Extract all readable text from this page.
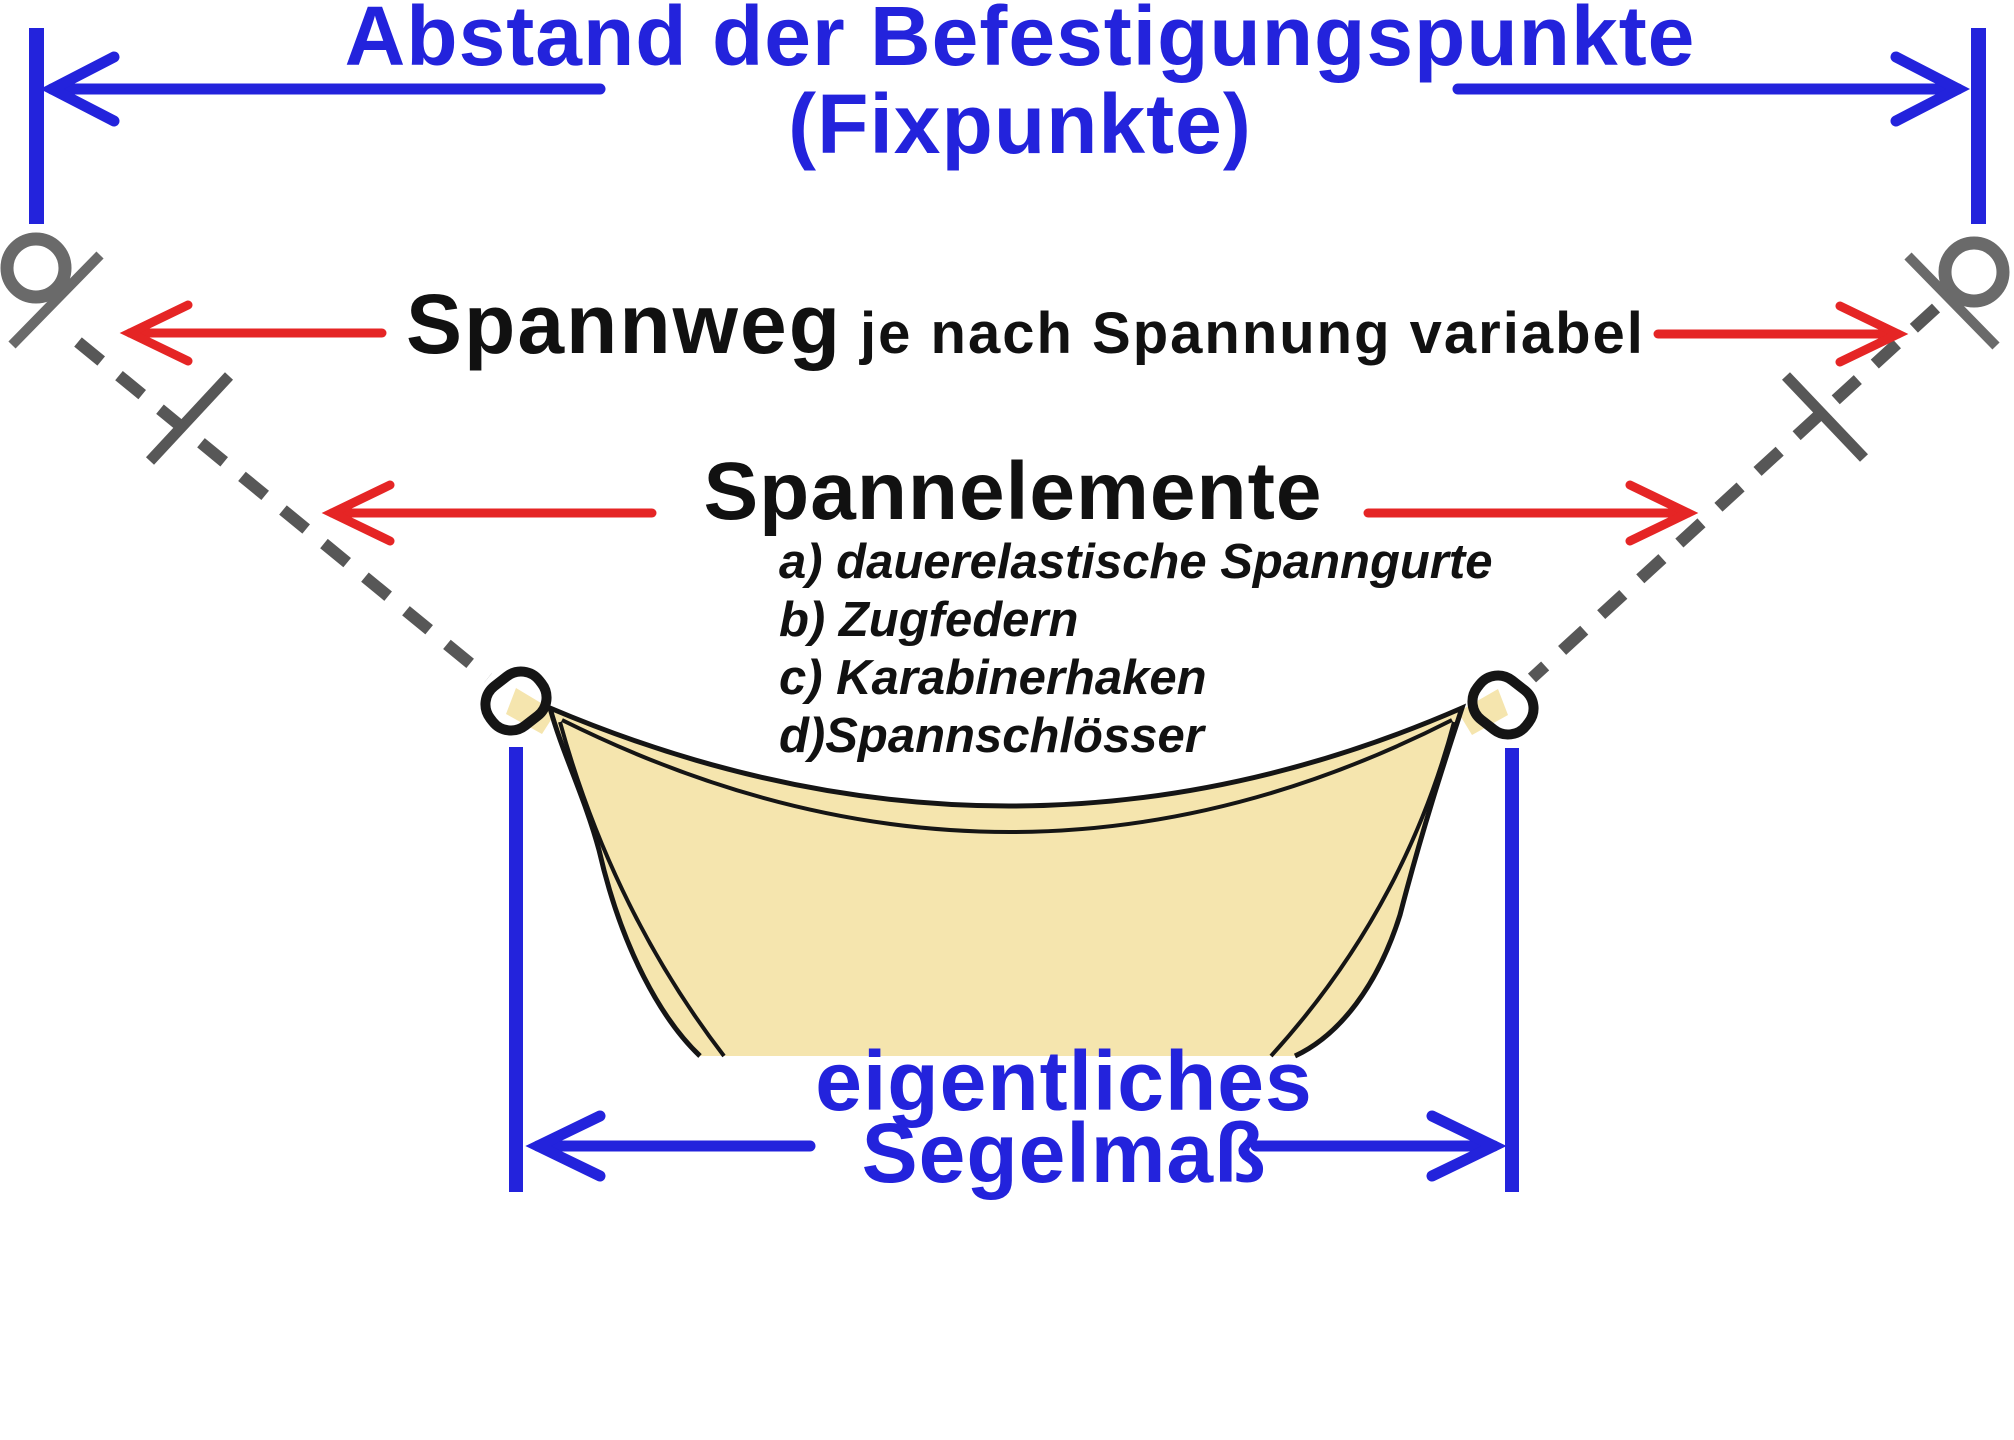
Abstand der Befestigungspunkte
(Fixpunkte)
Spannweg je nach Spannung variabel
Spannelemente
a) dauerelastische Spanngurte
b) Zugfedern
c) Karabinerhaken
d)Spannschlösser
eigentliches
Segelmaß
